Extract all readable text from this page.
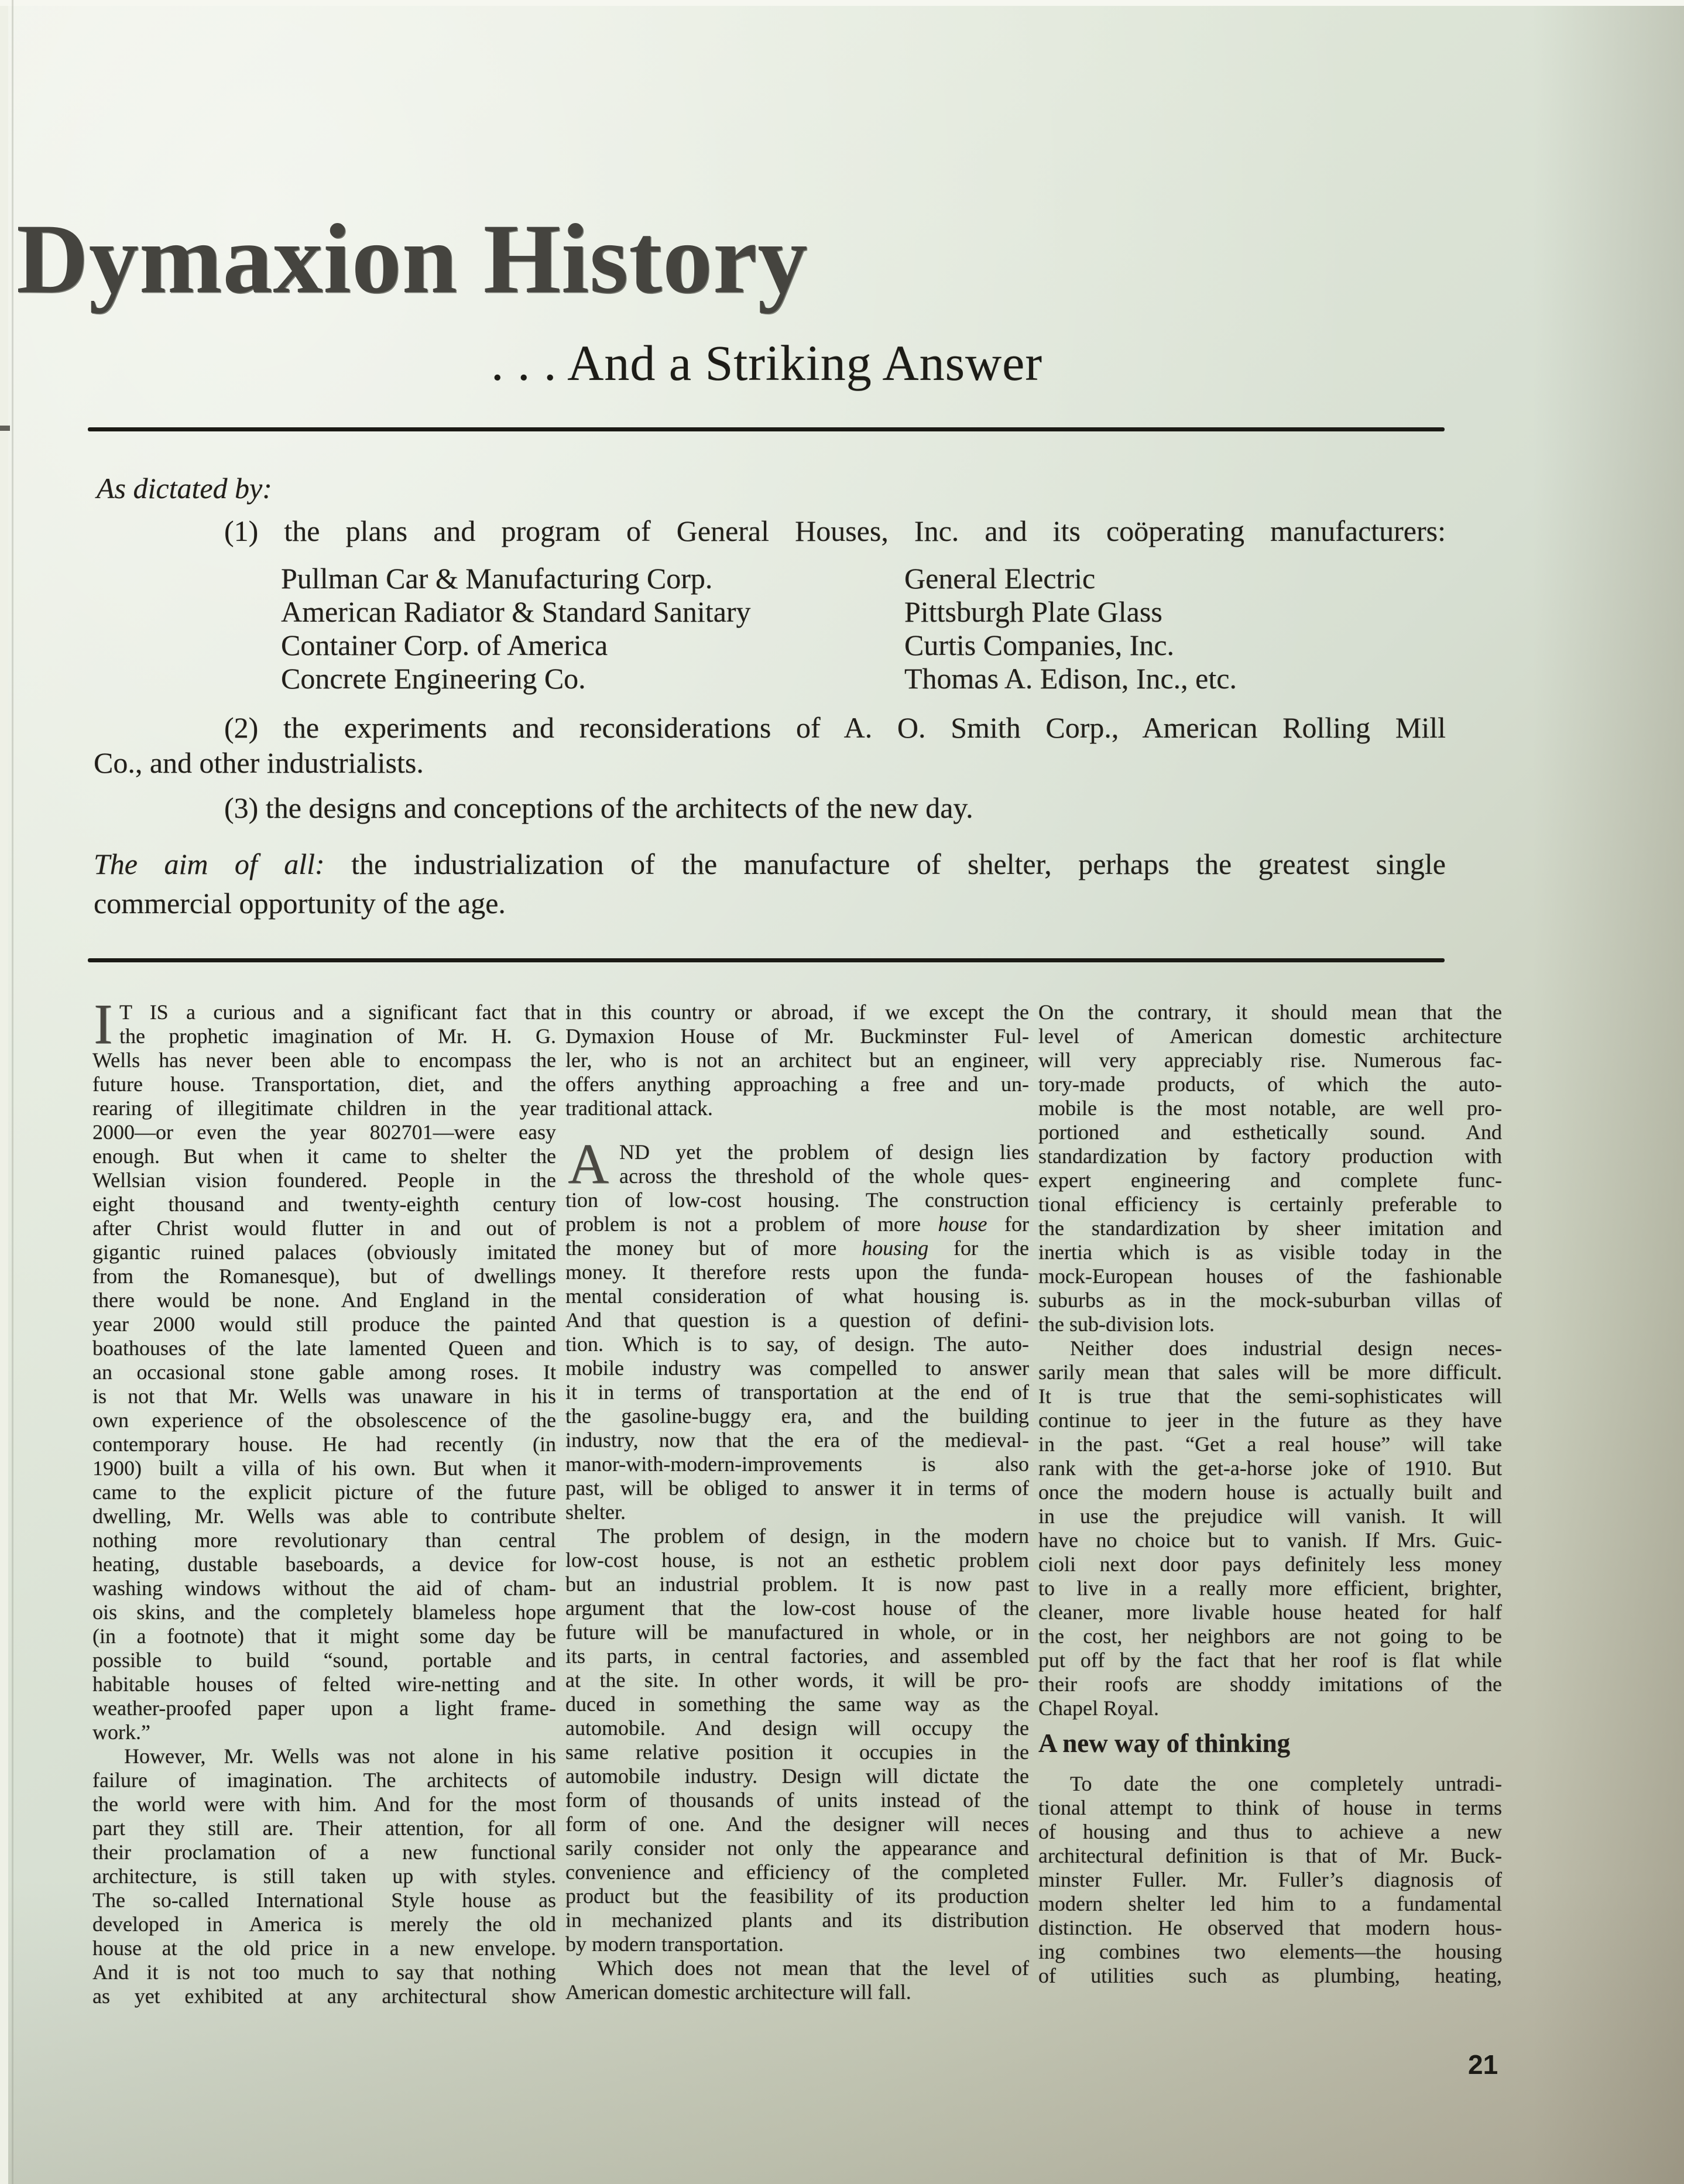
Dymaxion History
. . . And a Striking Answer
As dictated by:
(1) the plans and program of General Houses, Inc. and its coöperating manufacturers:
Pullman Car & Manufacturing Corp.
American Radiator & Standard Sanitary
Container Corp. of America
Concrete Engineering Co.
General Electric
Pittsburgh Plate Glass
Curtis Companies, Inc.
Thomas A. Edison, Inc., etc.
(2) the experiments and reconsiderations of A. O. Smith Corp., American Rolling Mill
Co., and other industrialists.
(3) the designs and conceptions of the architects of the new day.
The aim of all: the industrialization of the manufacture of shelter, perhaps the greatest single
commercial opportunity of the age.
T IS a curious and a significant fact that
I the prophetic imagination of Mr. H. G.
Wells has never been able to encompass the
future house. Transportation, diet, and the
rearing of illegitimate children in the year
2000—or even the year 802701—were easy
enough. But when it came to shelter the
Wellsian vision foundered. People in the
eight thousand and twenty-eighth century
after Christ would flutter in and out of
gigantic ruined palaces (obviously imitated
from the Romanesque), but of dwellings
there would be none. And England in the
year 2000 would still produce the painted
boathouses of the late lamented Queen and
an occasional stone gable among roses. It
is not that Mr. Wells was unaware in his
own experience of the obsolescence of the
contemporary house. He had recently (in
1900) built a villa of his own. But when it
came to the explicit picture of the future
dwelling, Mr. Wells was able to contribute
nothing more revolutionary than central
heating, dustable baseboards, a device for
washing windows without the aid of cham-
ois skins, and the completely blameless hope
(in a footnote) that it might some day be
possible to build “sound, portable and
habitable houses of felted wire-netting and
weather-proofed paper upon a light frame-
work.”
However, Mr. Wells was not alone in his
failure of imagination. The architects of
the world were with him. And for the most
part they still are. Their attention, for all
their proclamation of a new functional
architecture, is still taken up with styles.
The so-called International Style house as
developed in America is merely the old
house at the old price in a new envelope.
And it is not too much to say that nothing
as yet exhibited at any architectural show
in this country or abroad, if we except the
Dymaxion House of Mr. Buckminster Ful-
ler, who is not an architect but an engineer,
offers anything approaching a free and un-
traditional attack.
ND yet the problem of design lies
A across the threshold of the whole ques-
tion of low-cost housing. The construction
problem is not a problem of more house for
the money but of more housing for the
money. It therefore rests upon the funda-
mental consideration of what housing is.
And that question is a question of defini-
tion. Which is to say, of design. The auto-
mobile industry was compelled to answer
it in terms of transportation at the end of
the gasoline-buggy era, and the building
industry, now that the era of the medieval-
manor-with-modern-improvements is also
past, will be obliged to answer it in terms of
shelter.
The problem of design, in the modern
low-cost house, is not an esthetic problem
but an industrial problem. It is now past
argument that the low-cost house of the
future will be manufactured in whole, or in
its parts, in central factories, and assembled
at the site. In other words, it will be pro-
duced in something the same way as the
automobile. And design will occupy the
same relative position it occupies in the
automobile industry. Design will dictate the
form of thousands of units instead of the
form of one. And the designer will neces
sarily consider not only the appearance and
convenience and efficiency of the completed
product but the feasibility of its production
in mechanized plants and its distribution
by modern transportation.
Which does not mean that the level of
American domestic architecture will fall.
On the contrary, it should mean that the
level of American domestic architecture
will very appreciably rise. Numerous fac-
tory-made products, of which the auto-
mobile is the most notable, are well pro-
portioned and esthetically sound. And
standardization by factory production with
expert engineering and complete func-
tional efficiency is certainly preferable to
the standardization by sheer imitation and
inertia which is as visible today in the
mock-European houses of the fashionable
suburbs as in the mock-suburban villas of
the sub-division lots.
Neither does industrial design neces-
sarily mean that sales will be more difficult.
It is true that the semi-sophisticates will
continue to jeer in the future as they have
in the past. “Get a real house” will take
rank with the get-a-horse joke of 1910. But
once the modern house is actually built and
in use the prejudice will vanish. It will
have no choice but to vanish. If Mrs. Guic-
cioli next door pays definitely less money
to live in a really more efficient, brighter,
cleaner, more livable house heated for half
the cost, her neighbors are not going to be
put off by the fact that her roof is flat while
their roofs are shoddy imitations of the
Chapel Royal.
A new way of thinking
To date the one completely untradi-
tional attempt to think of house in terms
of housing and thus to achieve a new
architectural definition is that of Mr. Buck-
minster Fuller. Mr. Fuller’s diagnosis of
modern shelter led him to a fundamental
distinction. He observed that modern hous-
ing combines two elements—the housing
of utilities such as plumbing, heating,
21
